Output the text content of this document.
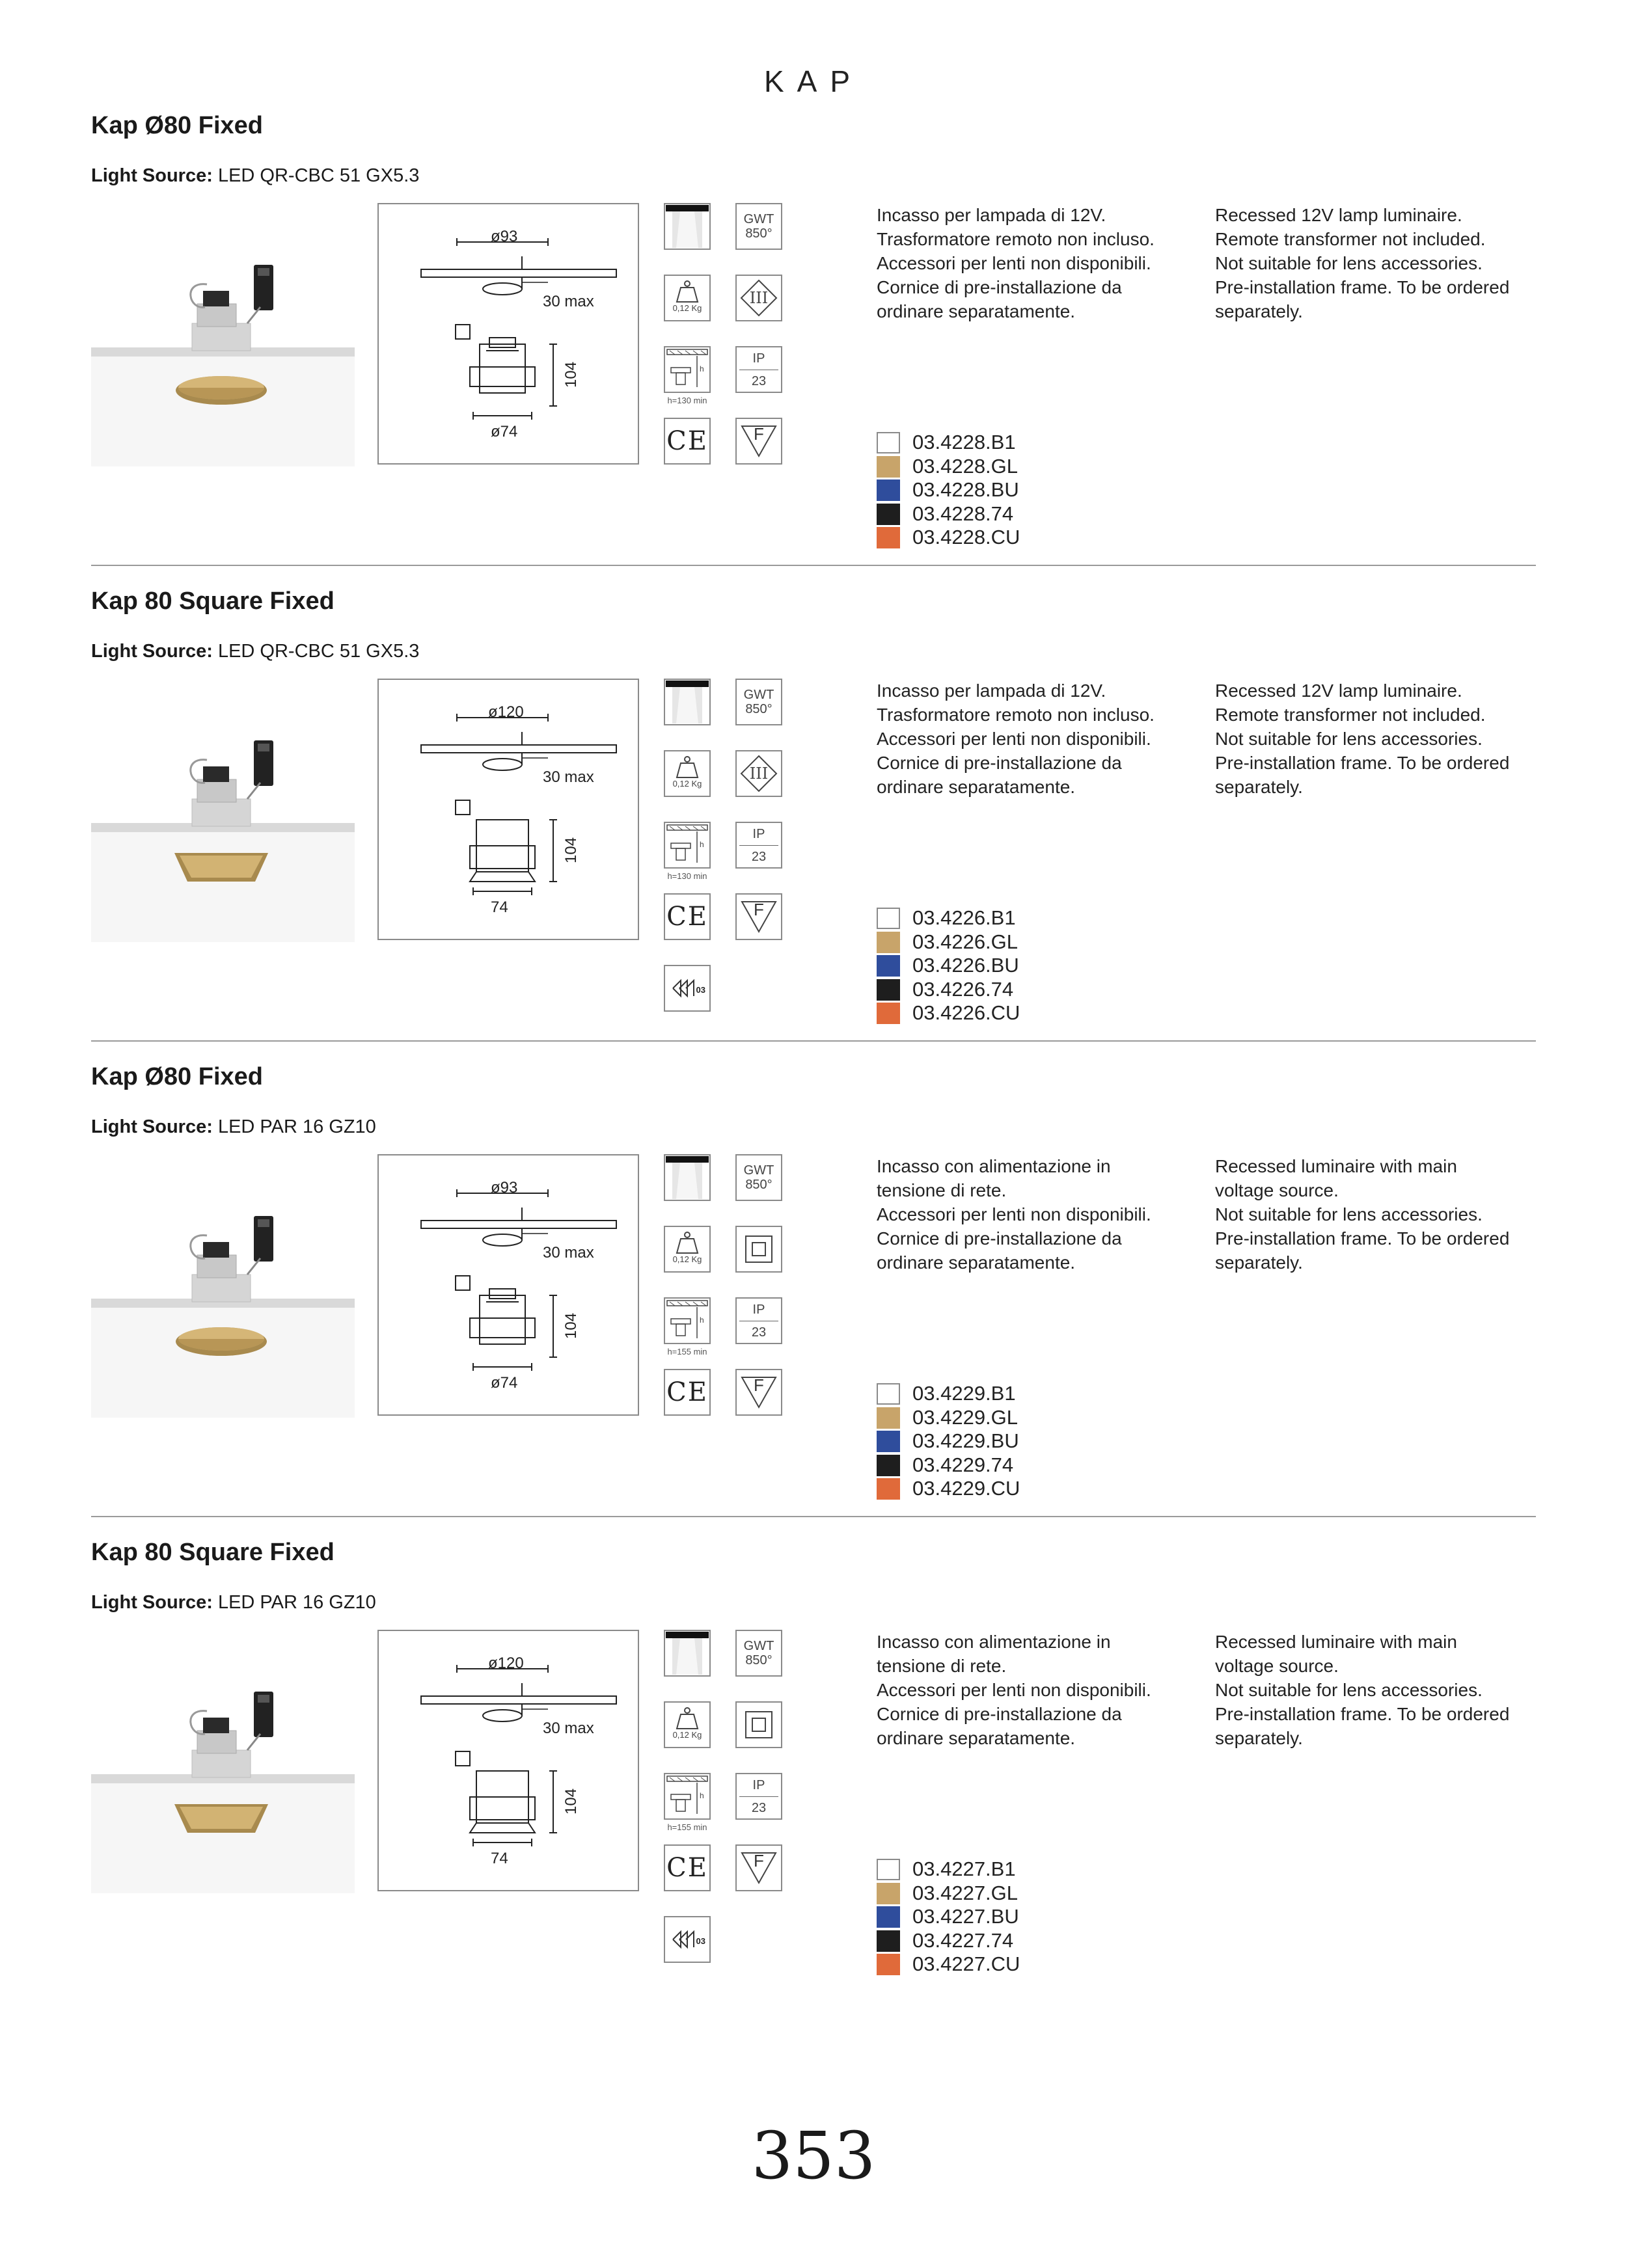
KAP
Kap Ø80 Fixed
Light Source: LED QR-CBC 51 GX5.3
ø93
30 max
104
ø74
GWT
850°
0,12 Kg
III
h
h=130 min
IP
23
CE	F
Incasso per lampada di 12V.
Trasformatore remoto non incluso.
Accessori per lenti non disponibili.
Cornice di pre-installazione da
ordinare separatamente.
Recessed 12V lamp luminaire.
Remote transformer not included.
Not suitable for lens accessories.
Pre-installation frame. To be ordered
separately.
03.4228.B1
03.4228.GL
03.4228.BU
03.4228.74
03.4228.CU
Kap 80 Square Fixed
Light Source: LED QR-CBC 51 GX5.3
ø120
30 max
104
74
GWT
850°
0,12 Kg
III
h
h=130 min
IP
23
CE	F
03
Incasso per lampada di 12V.
Trasformatore remoto non incluso.
Accessori per lenti non disponibili.
Cornice di pre-installazione da
ordinare separatamente.
Recessed 12V lamp luminaire.
Remote transformer not included.
Not suitable for lens accessories.
Pre-installation frame. To be ordered
separately.
03.4226.B1
03.4226.GL
03.4226.BU
03.4226.74
03.4226.CU
Kap Ø80 Fixed
Light Source: LED PAR 16 GZ10
ø93
30 max
104
ø74
GWT
850°
0,12 Kg
h
h=155 min
IP
23
CE	F
Incasso con alimentazione in
tensione di rete.
Accessori per lenti non disponibili.
Cornice di pre-installazione da
ordinare separatamente.
Recessed luminaire with main
voltage source.
Not suitable for lens accessories.
Pre-installation frame. To be ordered
separately.
03.4229.B1
03.4229.GL
03.4229.BU
03.4229.74
03.4229.CU
Kap 80 Square Fixed
Light Source: LED PAR 16 GZ10
ø120
30 max
104
74
GWT
850°
0,12 Kg
h
h=155 min
IP
23
CE	F
03
Incasso con alimentazione in
tensione di rete.
Accessori per lenti non disponibili.
Cornice di pre-installazione da
ordinare separatamente.
Recessed luminaire with main
voltage source.
Not suitable for lens accessories.
Pre-installation frame. To be ordered
separately.
03.4227.B1
03.4227.GL
03.4227.BU
03.4227.74
03.4227.CU
353
